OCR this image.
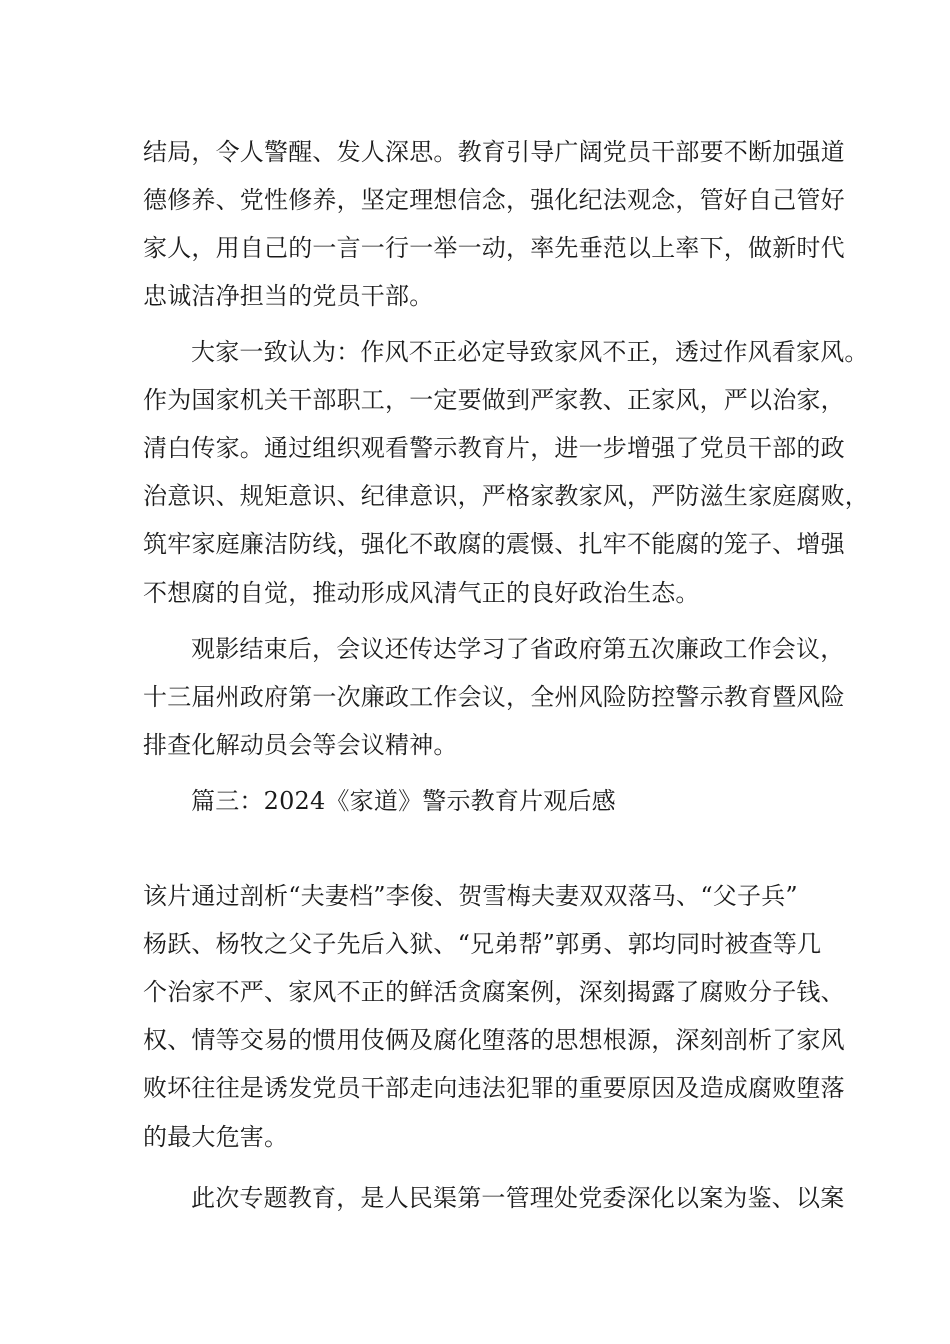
结局，令人警醒、发人深思。教育引导广阔党员干部要不断加强道
德修养、党性修养，坚定理想信念，强化纪法观念，管好自己管好
家人，用自己的一言一行一举一动，率先垂范以上率下，做新时代
忠诚洁净担当的党员干部。
大家一致认为：作风不正必定导致家风不正，透过作风看家风。
作为国家机关干部职工，一定要做到严家教、正家风，严以治家，
清白传家。通过组织观看警示教育片，进一步增强了党员干部的政
治意识、规矩意识、纪律意识，严格家教家风，严防滋生家庭腐败，
筑牢家庭廉洁防线，强化不敢腐的震慑、扎牢不能腐的笼子、增强
不想腐的自觉，推动形成风清气正的良好政治生态。
观影结束后，会议还传达学习了省政府第五次廉政工作会议，
十三届州政府第一次廉政工作会议，全州风险防控警示教育暨风险
排查化解动员会等会议精神。
篇三：2024《家道》警示教育片观后感
该片通过剖析“夫妻档”李俊、贺雪梅夫妻双双落马、“父子兵”
杨跃、杨牧之父子先后入狱、“兄弟帮”郭勇、郭均同时被查等几
个治家不严、家风不正的鲜活贪腐案例，深刻揭露了腐败分子钱、
权、情等交易的惯用伎俩及腐化堕落的思想根源，深刻剖析了家风
败坏往往是诱发党员干部走向违法犯罪的重要原因及造成腐败堕落
的最大危害。
此次专题教育，是人民渠第一管理处党委深化以案为鉴、以案
